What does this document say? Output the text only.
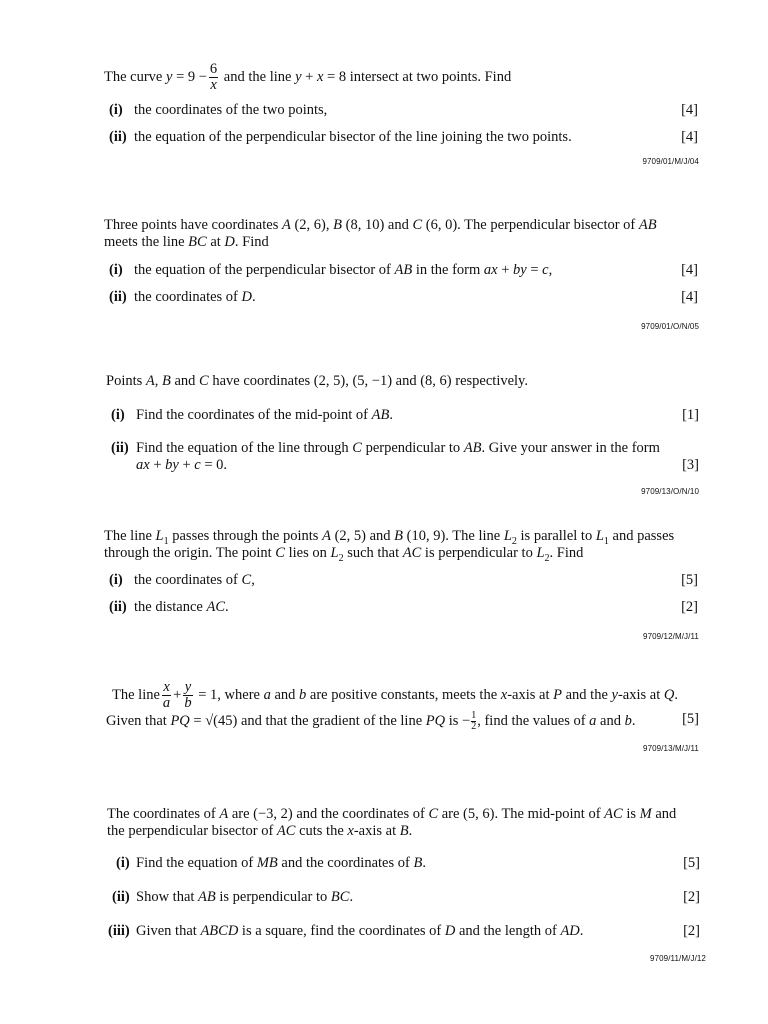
The curve $y = 9 - \frac{6}{x}$ and the line y + x = 8 intersect at two points. Find
(i) the coordinates of the two points,	[4]
(ii) the equation of the perpendicular bisector of the line joining the two points.	[4]
9709/01/M/J/04
Three points have coordinates A (2, 6), B (8, 10) and C (6, 0). The perpendicular bisector of AB
meets the line BC at D. Find
(i) the equation of the perpendicular bisector of AB in the form ax + by = c,	[4]
(ii) the coordinates of D.	[4]
9709/01/O/N/05
Points A, B and C have coordinates (2, 5), (5, −1) and (8, 6) respectively.
(i) Find the coordinates of the mid-point of AB.	[1]
(ii) Find the equation of the line through C perpendicular to AB. Give your answer in the form
ax + by + c = 0.	[3]
9709/13/O/N/10
The line $L_1$ passes through the points A (2, 5) and B (10, 9). The line $L_2$ is parallel to $L_1$ and passes
through the origin. The point C lies on $L_2$ such that AC is perpendicular to $L_2$. Find
(i) the coordinates of C,	[5]
(ii) the distance AC.	[2]
9709/12/M/J/11
The line $\frac{x}{a} + \frac{y}{b} = 1$, where a and b are positive constants, meets the x-axis at P and the y-axis at Q.
Given that PQ = √(45) and that the gradient of the line PQ is − $\frac{1}{2}$ , find the values of a and b.	[5]
9709/13/M/J/11
The coordinates of A are (−3, 2) and the coordinates of C are (5, 6). The mid-point of AC is M and
the perpendicular bisector of AC cuts the x-axis at B.
(i) Find the equation of MB and the coordinates of B.	[5]
(ii) Show that AB is perpendicular to BC.	[2]
(iii) Given that ABCD is a square, find the coordinates of D and the length of AD.	[2]
9709/11/M/J/12
